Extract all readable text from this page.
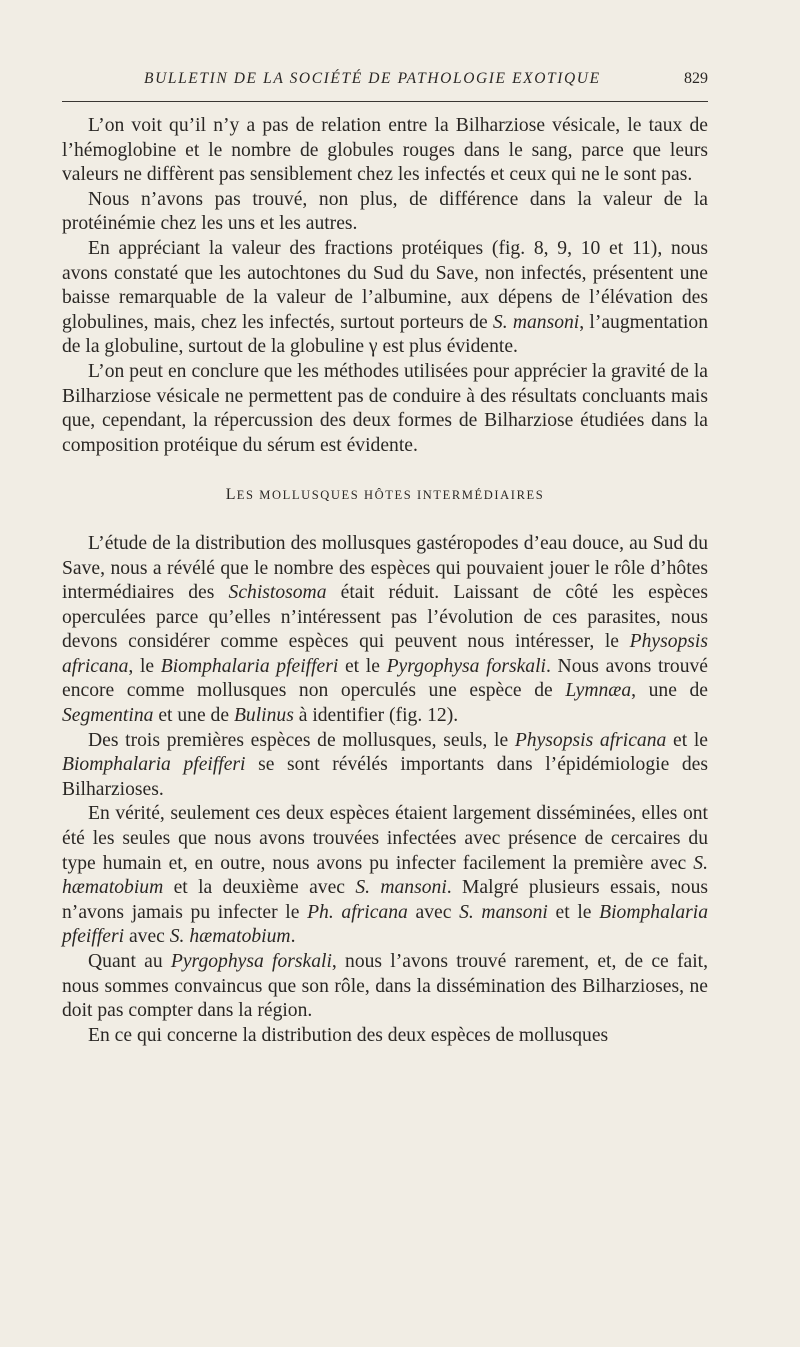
BULLETIN DE LA SOCIÉTÉ DE PATHOLOGIE EXOTIQUE	829

L’on voit qu’il n’y a pas de relation entre la Bilharziose vésicale, le taux de l’hémoglobine et le nombre de globules rouges dans le sang, parce que leurs valeurs ne diffèrent pas sensiblement chez les infectés et ceux qui ne le sont pas.

Nous n’avons pas trouvé, non plus, de différence dans la valeur de la protéinémie chez les uns et les autres.

En appréciant la valeur des fractions protéiques (fig. 8, 9, 10 et 11), nous avons constaté que les autochtones du Sud du Save, non infectés, présentent une baisse remarquable de la valeur de l’albumine, aux dépens de l’élévation des globulines, mais, chez les infectés, surtout porteurs de S. mansoni, l’augmentation de la globuline, surtout de la globuline γ est plus évidente.

L’on peut en conclure que les méthodes utilisées pour apprécier la gravité de la Bilharziose vésicale ne permettent pas de conduire à des résultats concluants mais que, cependant, la répercussion des deux formes de Bilharziose étudiées dans la composition protéique du sérum est évidente.

LES MOLLUSQUES HÔTES INTERMÉDIAIRES

L’étude de la distribution des mollusques gastéropodes d’eau douce, au Sud du Save, nous a révélé que le nombre des espèces qui pouvaient jouer le rôle d’hôtes intermédiaires des Schistosoma était réduit. Laissant de côté les espèces operculées parce qu’elles n’intéressent pas l’évolution de ces parasites, nous devons considérer comme espèces qui peuvent nous intéresser, le Physopsis africana, le Biomphalaria pfeifferi et le Pyrgophysa forskali. Nous avons trouvé encore comme mollusques non operculés une espèce de Lymnæa, une de Segmentina et une de Bulinus à identifier (fig. 12).

Des trois premières espèces de mollusques, seuls, le Physopsis africana et le Biomphalaria pfeifferi se sont révélés importants dans l’épidémiologie des Bilharzioses.

En vérité, seulement ces deux espèces étaient largement disséminées, elles ont été les seules que nous avons trouvées infectées avec présence de cercaires du type humain et, en outre, nous avons pu infecter facilement la première avec S. hæmatobium et la deuxième avec S. mansoni. Malgré plusieurs essais, nous n’avons jamais pu infecter le Ph. africana avec S. mansoni et le Biomphalaria pfeifferi avec S. hæmatobium.

Quant au Pyrgophysa forskali, nous l’avons trouvé rarement, et, de ce fait, nous sommes convaincus que son rôle, dans la dissémination des Bilharzioses, ne doit pas compter dans la région.

En ce qui concerne la distribution des deux espèces de mollusques
